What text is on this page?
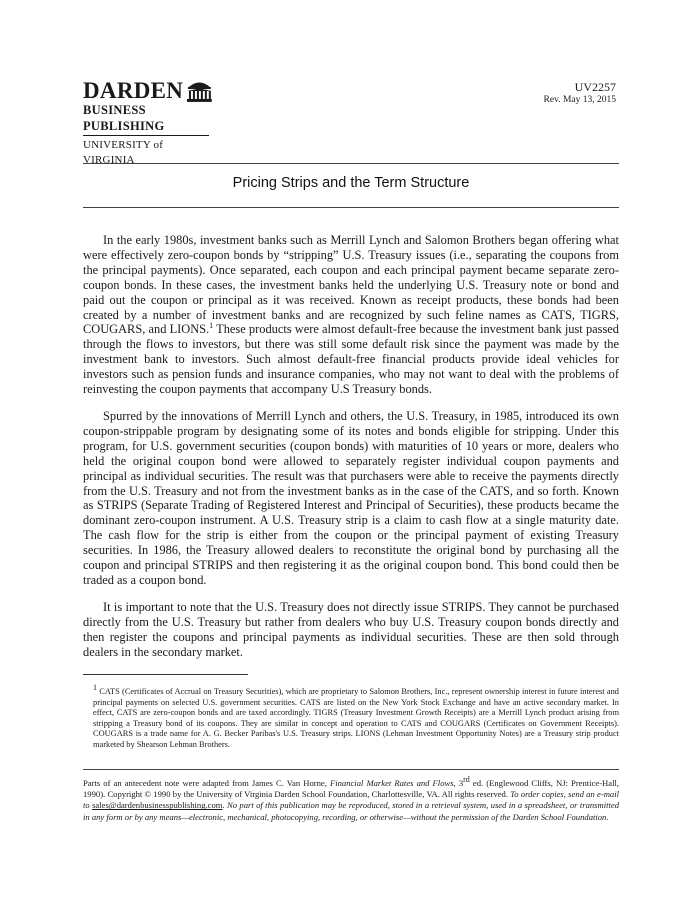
DARDEN
BUSINESS PUBLISHING
UNIVERSITY of VIRGINIA
UV2257
Rev. May 13, 2015
Pricing Strips and the Term Structure

In the early 1980s, investment banks such as Merrill Lynch and Salomon Brothers began offering what were effectively zero-coupon bonds by “stripping” U.S. Treasury issues (i.e., separating the coupons from the principal payments). Once separated, each coupon and each principal payment became separate zero-coupon bonds. In these cases, the investment banks held the underlying U.S. Treasury note or bond and paid out the coupon or principal as it was received. Known as receipt products, these bonds had been created by a number of investment banks and are recognized by such feline names as CATS, TIGRS, COUGARS, and LIONS.$^1$ These products were almost default-free because the investment bank just passed through the flows to investors, but there was still some default risk since the payment was made by the investment bank to investors. Such almost default-free financial products provide ideal vehicles for investors such as pension funds and insurance companies, who may not want to deal with the problems of reinvesting the coupon payments that accompany U.S Treasury bonds.

Spurred by the innovations of Merrill Lynch and others, the U.S. Treasury, in 1985, introduced its own coupon-strippable program by designating some of its notes and bonds eligible for stripping. Under this program, for U.S. government securities (coupon bonds) with maturities of 10 years or more, dealers who held the original coupon bond were allowed to separately register individual coupon payments and principal as individual securities. The result was that purchasers were able to receive the payments directly from the U.S. Treasury and not from the investment banks as in the case of the CATS, and so forth. Known as STRIPS (Separate Trading of Registered Interest and Principal of Securities), these products became the dominant zero-coupon instrument. A U.S. Treasury strip is a claim to cash flow at a single maturity date. The cash flow for the strip is either from the coupon or the principal payment of existing Treasury securities. In 1986, the Treasury allowed dealers to reconstitute the original bond by purchasing all the coupon and principal STRIPS and then registering it as the original coupon bond. This bond could then be traded as a coupon bond.

It is important to note that the U.S. Treasury does not directly issue STRIPS. They cannot be purchased directly from the U.S. Treasury but rather from dealers who buy U.S. Treasury coupon bonds directly and then register the coupons and principal payments as individual securities. These are then sold through dealers in the secondary market.

$^1$ CATS (Certificates of Accrual on Treasury Securities), which are proprietary to Salomon Brothers, Inc., represent ownership interest in future interest and principal payments on selected U.S. government securities. CATS are listed on the New York Stock Exchange and have an active secondary market. In effect, CATS are zero-coupon bonds and are taxed accordingly. TIGRS (Treasury Investment Growth Receipts) are a Merrill Lynch product arising from stripping a Treasury bond of its coupons. They are similar in concept and operation to CATS and COUGARS (Certificates on Government Receipts). COUGARS is a trade name for A. G. Becker Paribas's U.S. Treasury strips. LIONS (Lehman Investment Opportunity Notes) are a Treasury strip product marketed by Shearson Lehman Brothers.
Parts of an antecedent note were adapted from James C. Van Horne, Financial Market Rates and Flows, 3rd ed. (Englewood Cliffs, NJ: Prentice-Hall, 1990). Copyright © 1990 by the University of Virginia Darden School Foundation, Charlottesville, VA. All rights reserved. To order copies, send an e-mail to sales@dardenbusinesspublishing.com. No part of this publication may be reproduced, stored in a retrieval system, used in a spreadsheet, or transmitted in any form or by any means—electronic, mechanical, photocopying, recording, or otherwise—without the permission of the Darden School Foundation.
